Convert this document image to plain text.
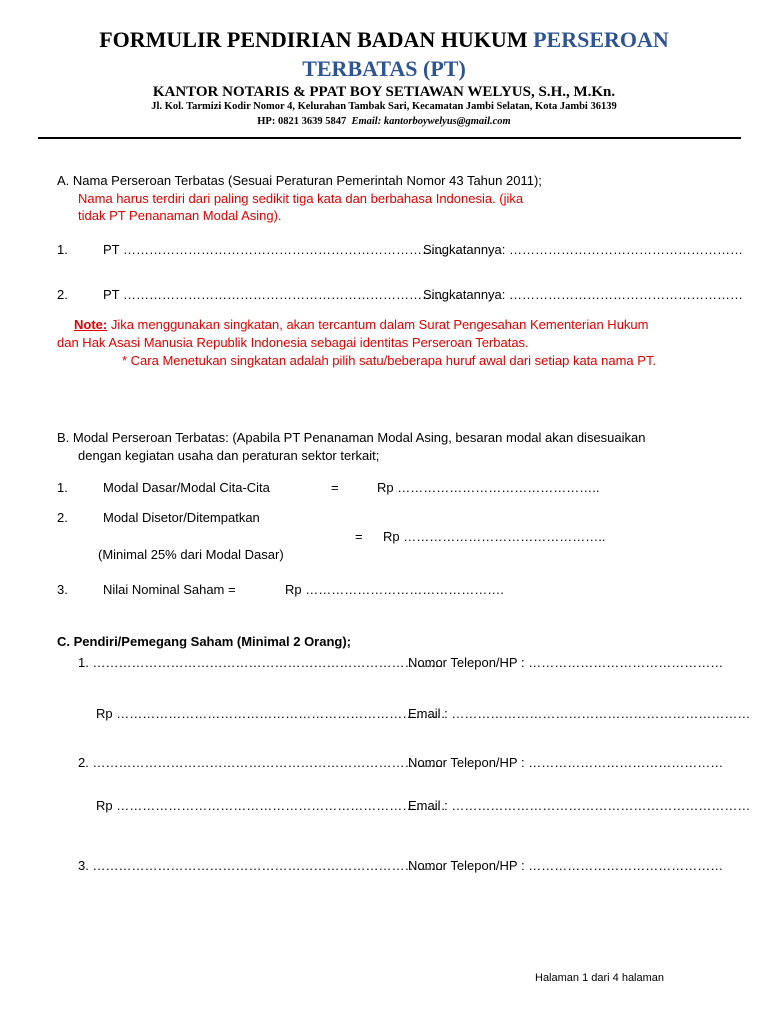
FORMULIR PENDIRIAN BADAN HUKUM PERSEROAN
TERBATAS (PT)
KANTOR NOTARIS & PPAT BOY SETIAWAN WELYUS, S.H., M.Kn.
Jl. Kol. Tarmizi Kodir Nomor 4, Kelurahan Tambak Sari, Kecamatan Jambi Selatan, Kota Jambi 36139
HP: 0821 3639 5847 Email: kantorboywelyus@gmail.com
A. Nama Perseroan Terbatas (Sesuai Peraturan Pemerintah Nomor 43 Tahun 2011);
Nama harus terdiri dari paling sedikit tiga kata dan berbahasa Indonesia. (jika
tidak PT Penanaman Modal Asing).
1.	PT ……………………………………………………………………
Singkatannya: ………………………………………………
2.	PT ……………………………………………………………………
Singkatannya: ………………………………………………
Note: Jika menggunakan singkatan, akan tercantum dalam Surat Pengesahan Kementerian Hukum
dan Hak Asasi Manusia Republik Indonesia sebagai identitas Perseroan Terbatas.
* Cara Menetukan singkatan adalah pilih satu/beberapa huruf awal dari setiap kata nama PT.
B. Modal Perseroan Terbatas: (Apabila PT Penanaman Modal Asing, besaran modal akan disesuaikan
dengan kegiatan usaha dan peraturan sektor terkait;
1.	Modal Dasar/Modal Cita-Cita	=	Rp ………………………………………..
2.	Modal Disetor/Ditempatkan
= Rp ………………………………………..
(Minimal 25% dari Modal Dasar)
3.	Nilai Nominal Saham =	Rp ……………………………………….
C. Pendiri/Pemegang Saham (Minimal 2 Orang);
1. ………………………………………………………………………
Nomor Telepon/HP : ………………………………………
Rp ………………………………………………………………….
Email : ……………………………………………………………
2. ………………………………………………………………………
Nomor Telepon/HP : ………………………………………
Rp ………………………………………………………………….
Email : ……………………………………………………………
3. ………………………………………………………………………
Nomor Telepon/HP : ………………………………………
Halaman 1 dari 4 halaman
